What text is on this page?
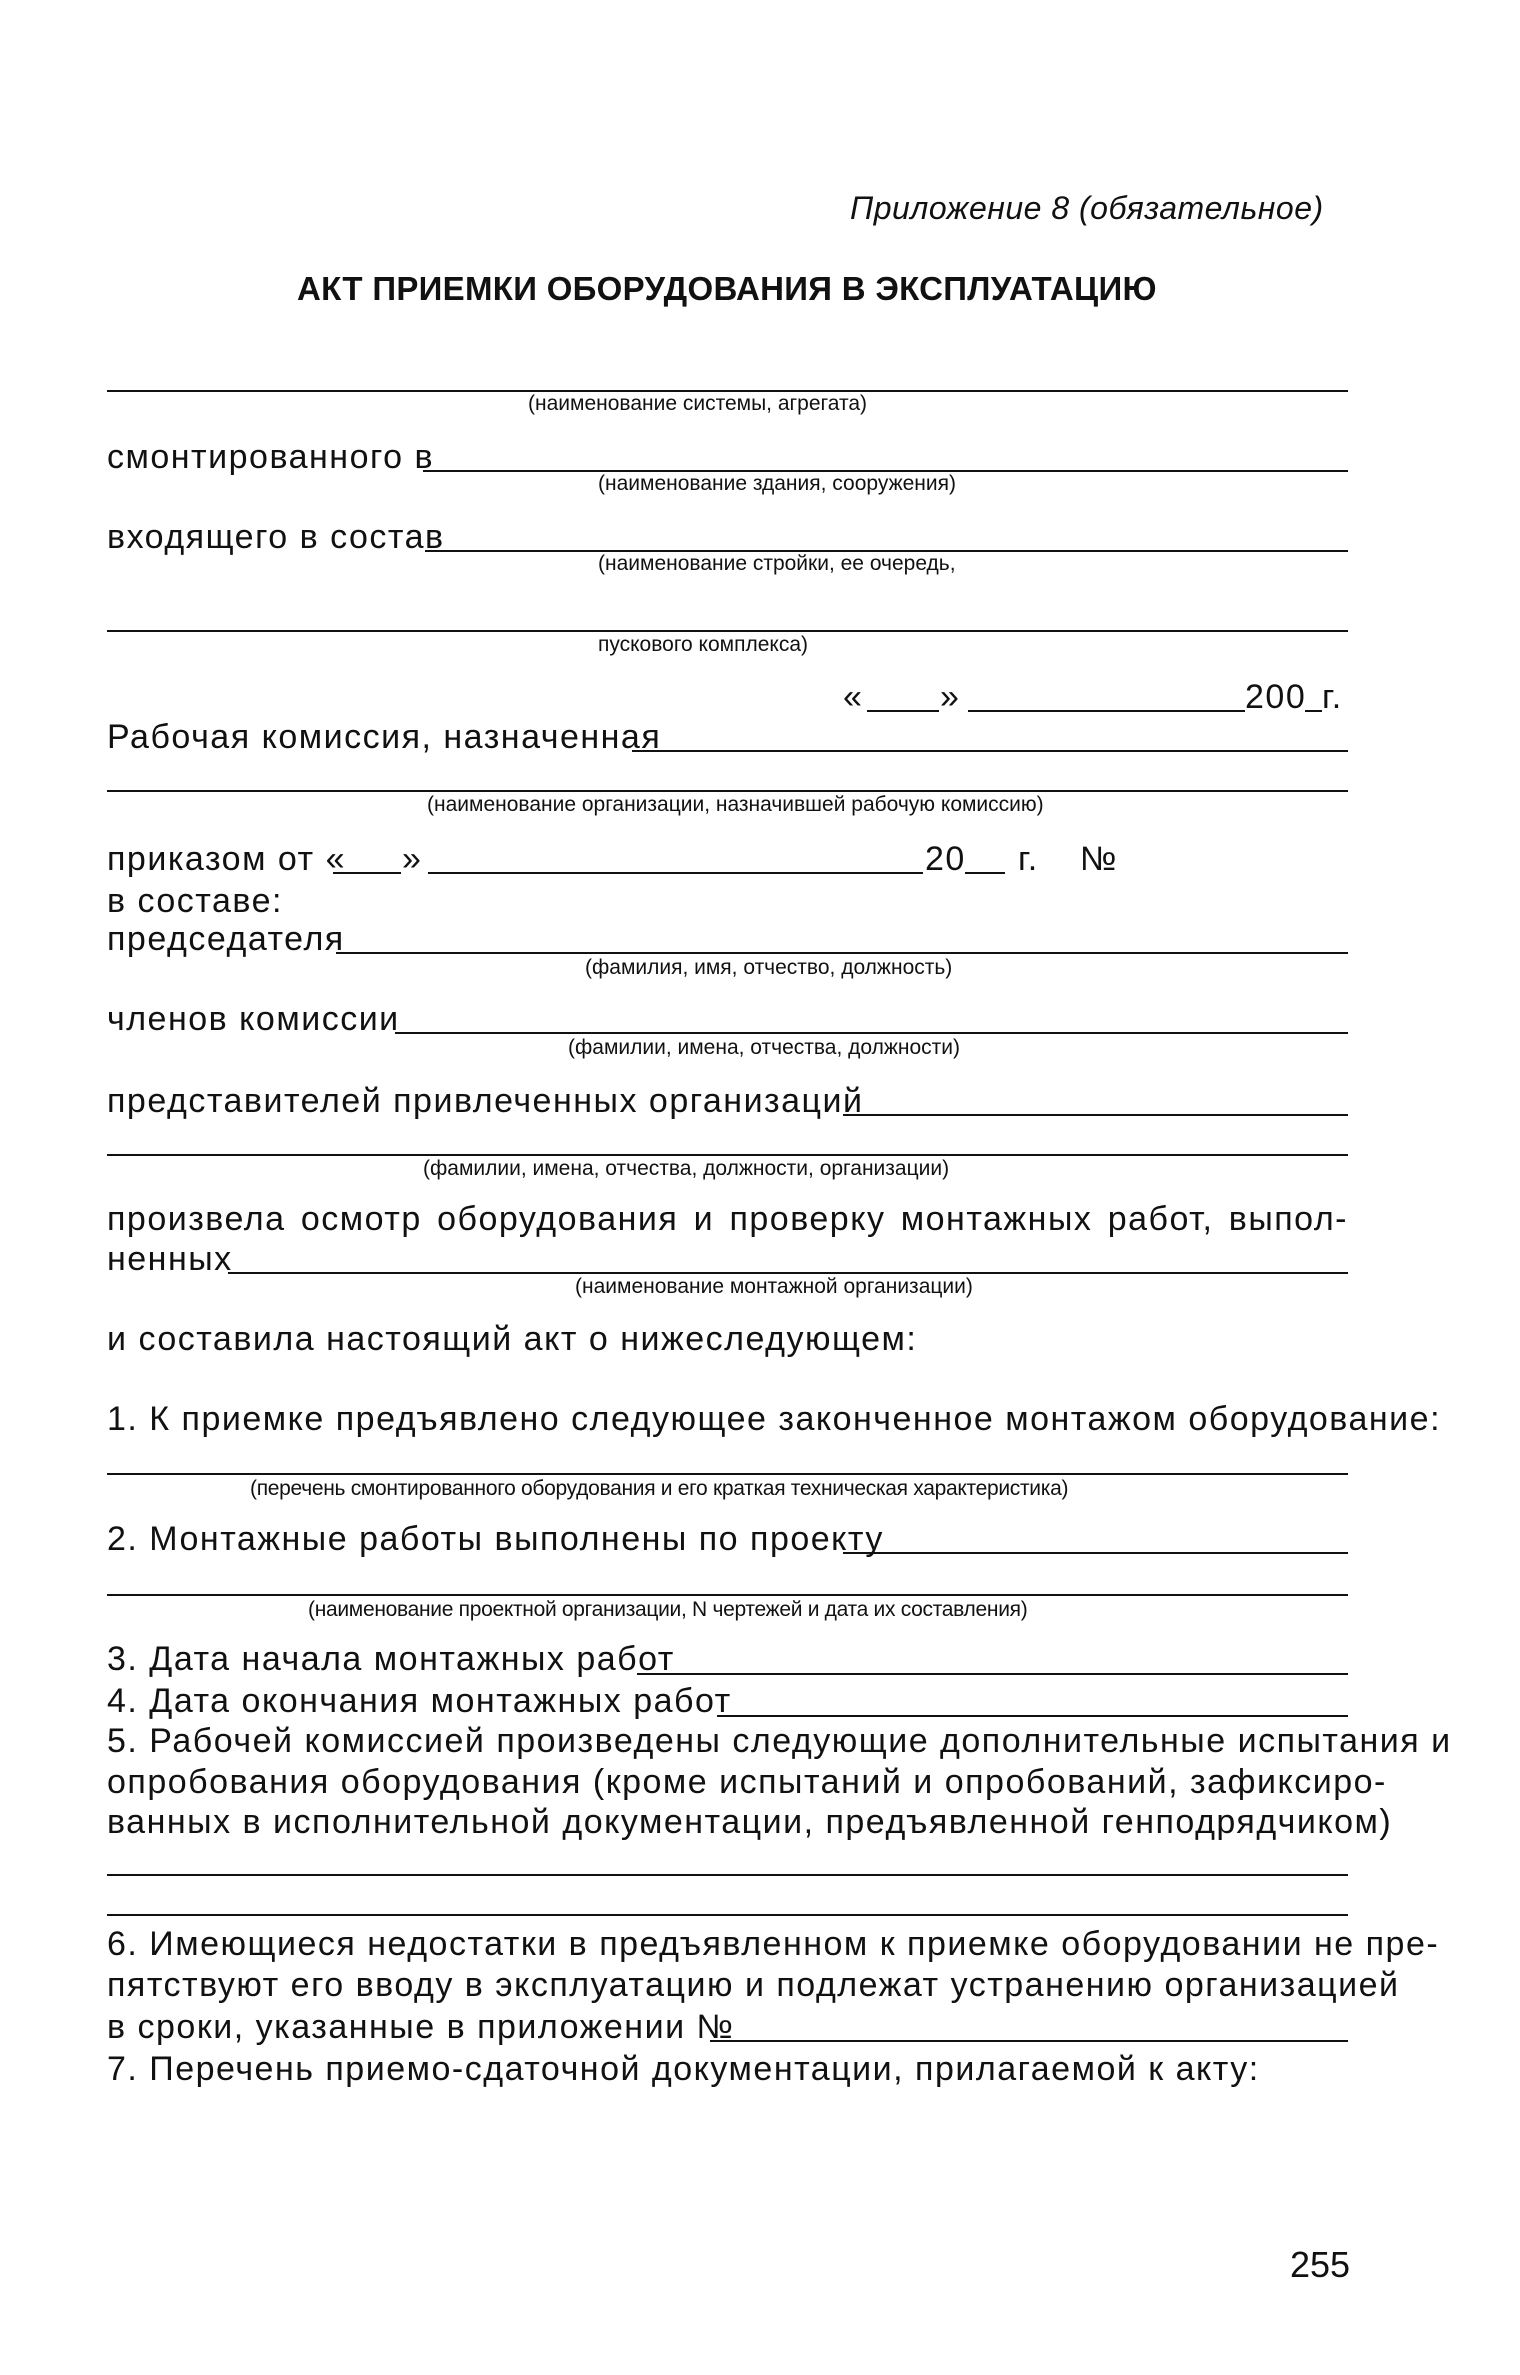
Приложение 8 (обязательное)
АКТ ПРИЕМКИ ОБОРУДОВАНИЯ В ЭКСПЛУАТАЦИЮ
(наименование системы, агрегата)
смонтированного в
(наименование здания, сооружения)
входящего в состав
(наименование стройки, ее очередь,
пускового комплекса)
« »	200 г.
Рабочая комиссия, назначенная
(наименование организации, назначившей рабочую комиссию)
приказом от « »	20 г. №
в составе:
председателя
(фамилия, имя, отчество, должность)
членов комиссии
(фамилии, имена, отчества, должности)
представителей привлеченных организаций
(фамилии, имена, отчества, должности, организации)
произвела осмотр оборудования и проверку монтажных работ, выпол-
ненных
(наименование монтажной организации)
и составила настоящий акт о нижеследующем:
1. К приемке предъявлено следующее законченное монтажом оборудование:
(перечень смонтированного оборудования и его краткая техническая характеристика)
2. Монтажные работы выполнены по проекту
(наименование проектной организации, N чертежей и дата их составления)
3. Дата начала монтажных работ
4. Дата окончания монтажных работ
5. Рабочей комиссией произведены следующие дополнительные испытания и
опробования оборудования (кроме испытаний и опробований, зафиксиро-
ванных в исполнительной документации, предъявленной генподрядчиком)
6. Имеющиеся недостатки в предъявленном к приемке оборудовании не пре-
пятствуют его вводу в эксплуатацию и подлежат устранению организацией
в сроки, указанные в приложении №
7. Перечень приемо-сдаточной документации, прилагаемой к акту:
255
